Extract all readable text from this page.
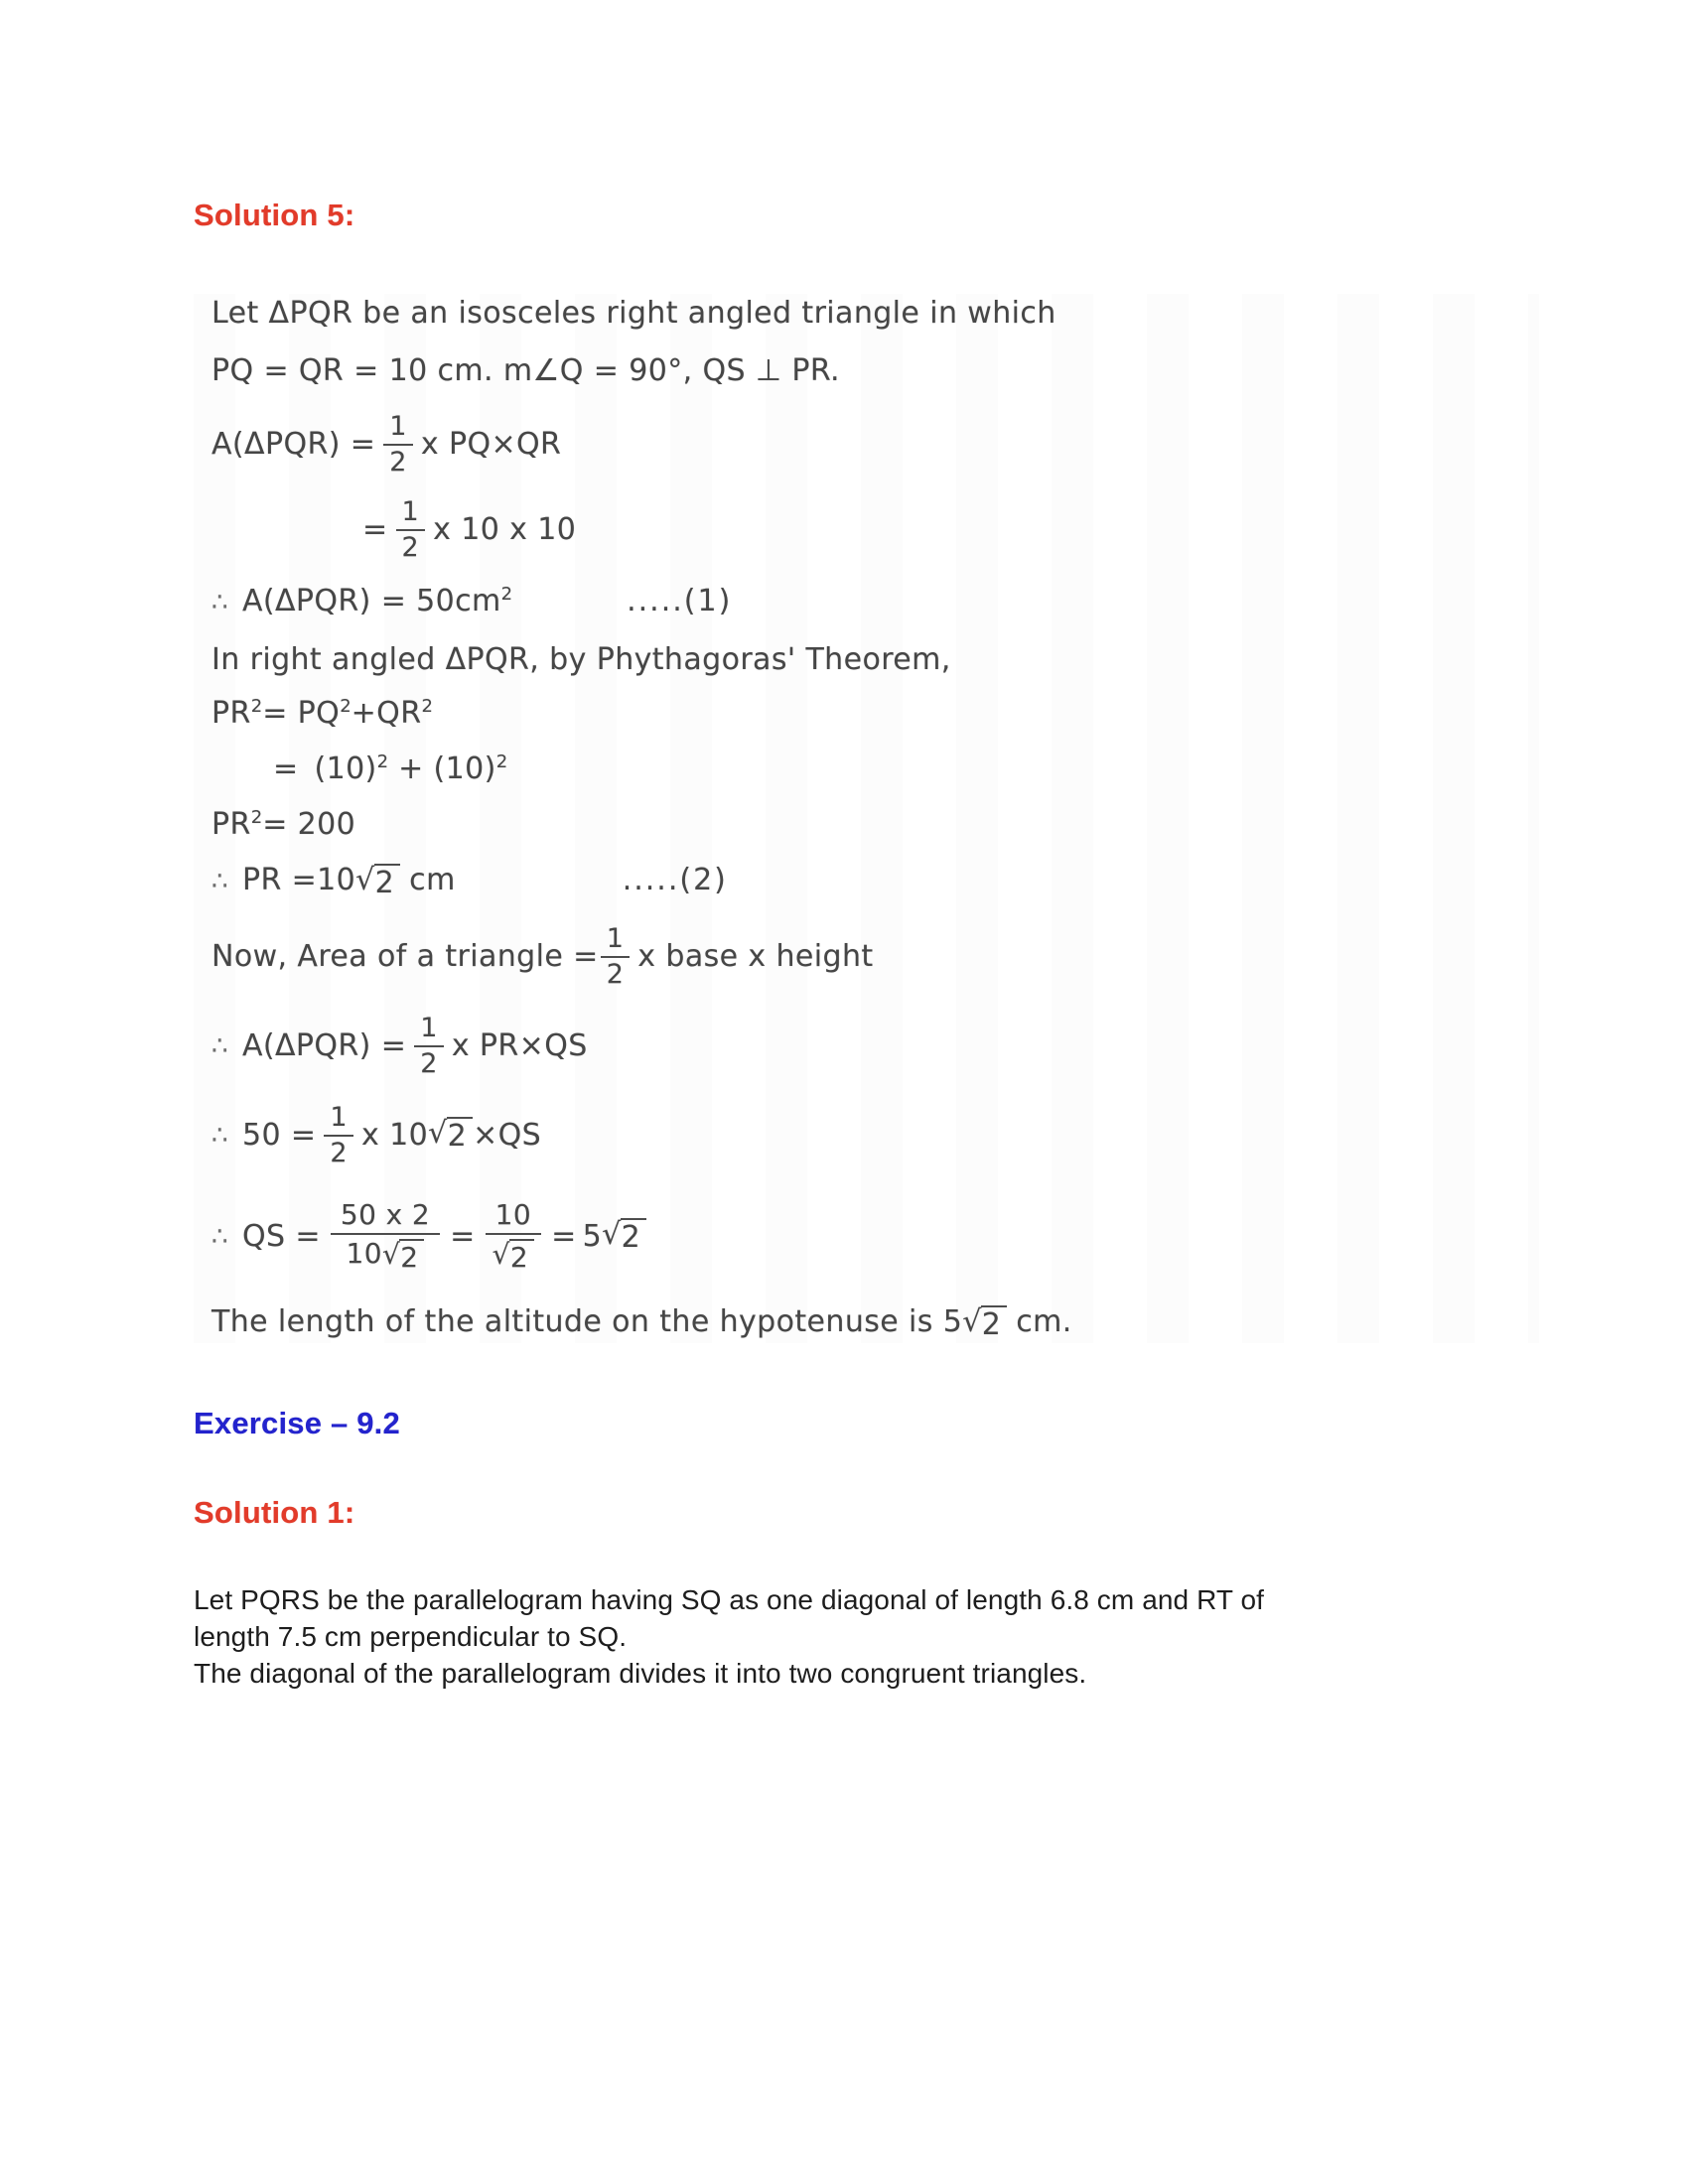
Solution 5:
Let ΔPQR be an isosceles right angled triangle in which
PQ = QR = 10 cm. m∠Q = 90°, QS ⊥ PR.
$A(\Delta PQR) = \frac{1}{2}$ x PQ×QR
= $\frac{1}{2}$ x 10 x 10
∴ $A(\Delta PQR) = 50cm^2$	.....(1)
In right angled ΔPQR, by Phythagoras' Theorem,
$PR^2= PQ^2+QR^2$
= $(10)^2 + (10)^2$
$PR^2= 200$
∴ PR =10 √ 2 cm	.....(2)
Now, Area of a triangle = $\frac{1}{2}$ x base x height
∴ $A(\Delta PQR) = \frac{1}{2}$ x PR×QS
∴ $50 = \frac{1}{2}$ x 10 √ 2 ×QS
∴ QS = $\frac{50 x 2}{10 √ 2} = \frac{10}{√ 2} = 5$ √ 2
The length of the altitude on the hypotenuse is 5 √ 2 cm.
Exercise – 9.2
Solution 1:

Let PQRS be the parallelogram having SQ as one diagonal of length 6.8 cm and RT of
length 7.5 cm perpendicular to SQ.
The diagonal of the parallelogram divides it into two congruent triangles.
